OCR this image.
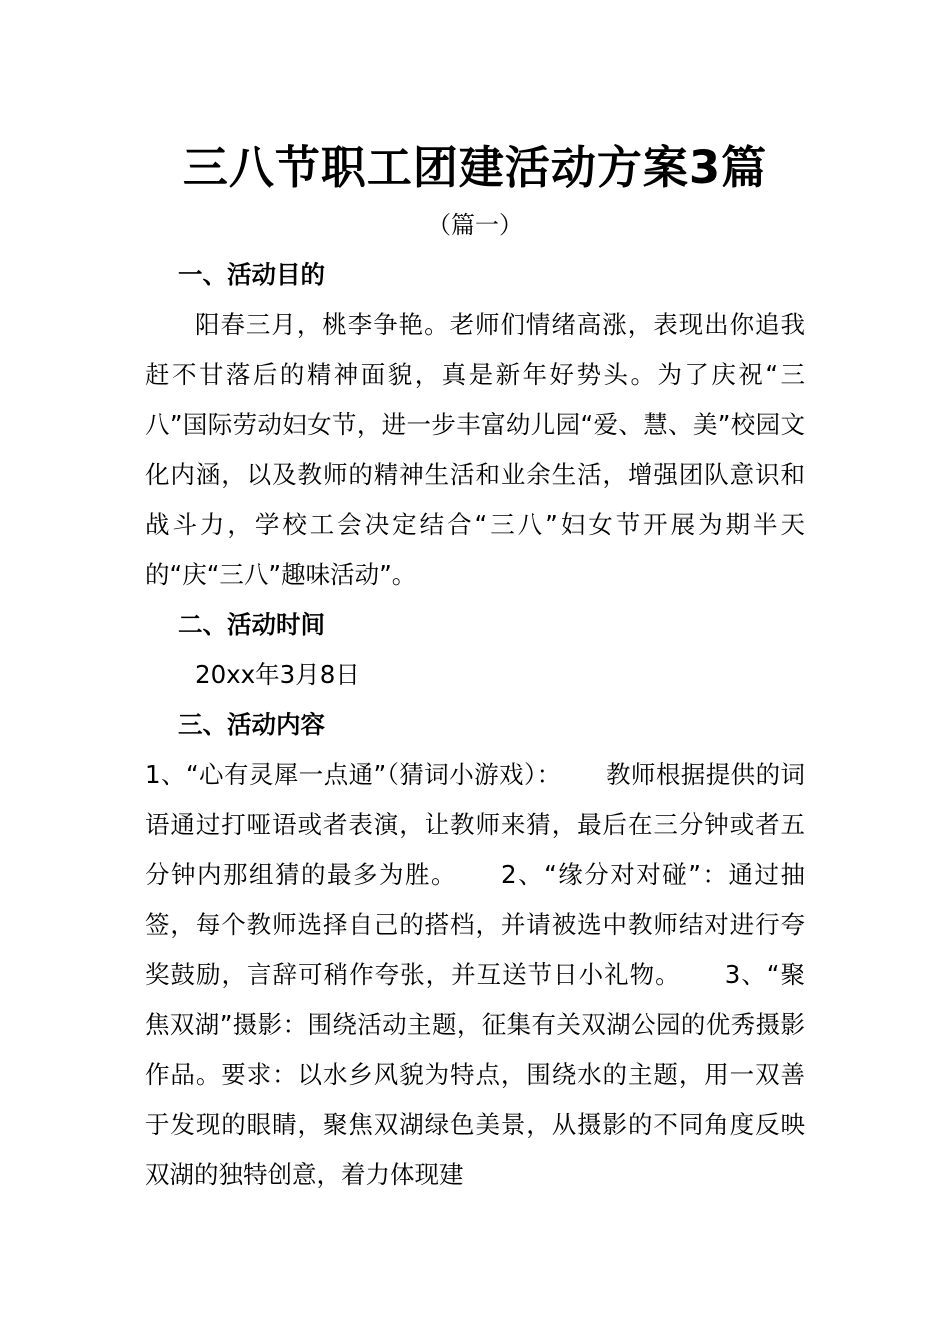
三八节职工团建活动方案3篇
（篇一）

一、活动目的

阳春三月，桃李争艳。老师们情绪高涨，表现出你追我赶不甘落后的精神面貌，真是新年好势头。为了庆祝“三八”国际劳动妇女节，进一步丰富幼儿园“爱、慧、美”校园文化内涵，以及教师的精神生活和业余生活，增强团队意识和战斗力，学校工会决定结合“三八”妇女节开展为期半天的“庆“三八”趣味活动”。

二、活动时间

20xx年3月8日

三、活动内容

1、“心有灵犀一点通”（猜词小游戏）： 教师根据提供的词语通过打哑语或者表演，让教师来猜，最后在三分钟或者五分钟内那组猜的最多为胜。 2、“缘分对对碰”：通过抽签，每个教师选择自己的搭档，并请被选中教师结对进行夸奖鼓励，言辞可稍作夸张，并互送节日小礼物。 3、“聚焦双湖”摄影：围绕活动主题，征集有关双湖公园的优秀摄影作品。要求：以水乡风貌为特点，围绕水的主题，用一双善于发现的眼睛，聚焦双湖绿色美景，从摄影的不同角度反映双湖的独特创意，着力体现建
